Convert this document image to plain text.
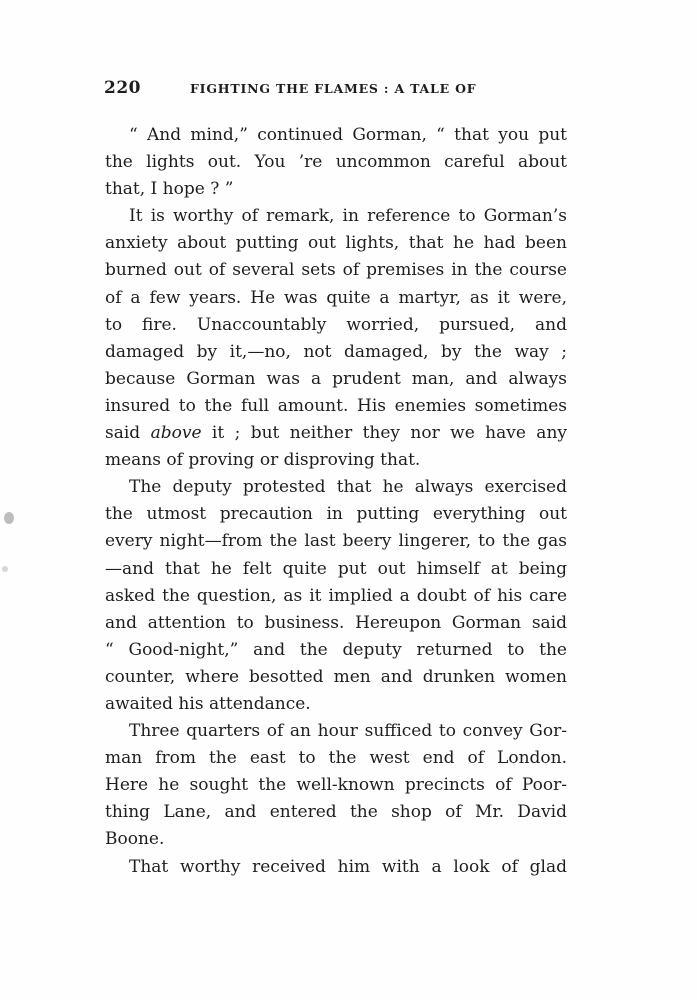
220	FIGHTING THE FLAMES : A TALE OF
“ And mind,” continued Gorman, “ that you put
the lights out. You ’re uncommon careful about
that, I hope ? ”
It is worthy of remark, in reference to Gorman’s
anxiety about putting out lights, that he had been
burned out of several sets of premises in the course
of a few years. He was quite a martyr, as it were,
to fire. Unaccountably worried, pursued, and
damaged by it,—no, not damaged, by the way ;
because Gorman was a prudent man, and always
insured to the full amount. His enemies sometimes
said above it ; but neither they nor we have any
means of proving or disproving that.
The deputy protested that he always exercised
the utmost precaution in putting everything out
every night—from the last beery lingerer, to the gas
—and that he felt quite put out himself at being
asked the question, as it implied a doubt of his care
and attention to business. Hereupon Gorman said
“ Good-night,” and the deputy returned to the
counter, where besotted men and drunken women
awaited his attendance.
Three quarters of an hour sufficed to convey Gor-
man from the east to the west end of London.
Here he sought the well-known precincts of Poor-
thing Lane, and entered the shop of Mr. David
Boone.
That worthy received him with a look of glad
